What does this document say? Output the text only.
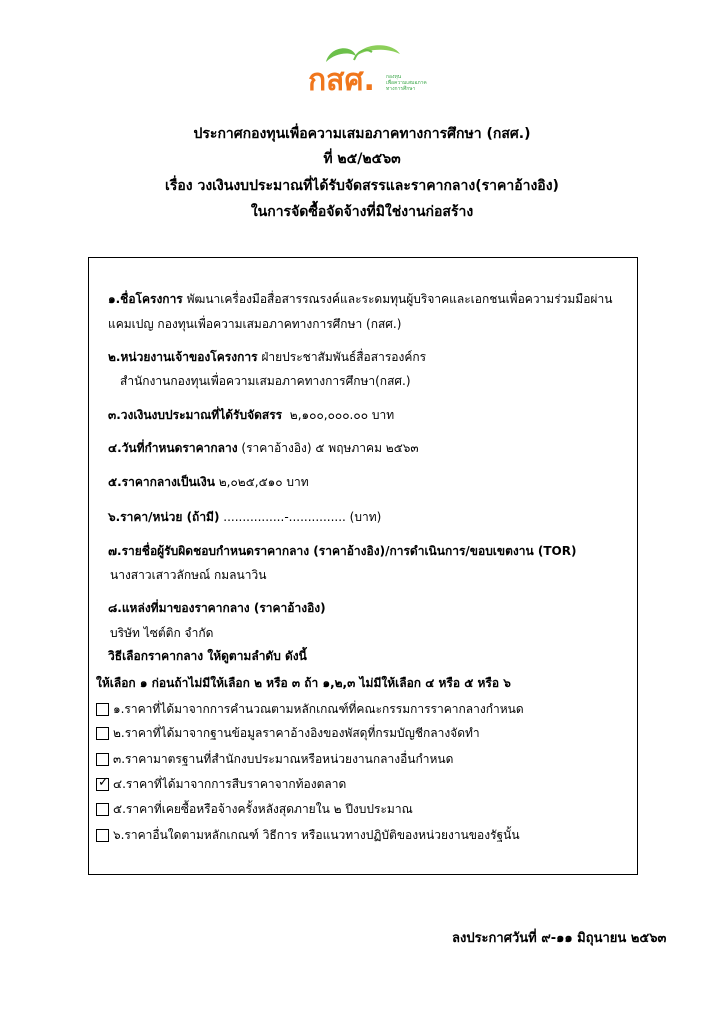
กสศ. กองทุน
เพื่อความเสมอภาค
ทางการศึกษา
ประกาศกองทุนเพื่อความเสมอภาคทางการศึกษา (กสศ.)
ที่ ๒๕/๒๕๖๓
เรื่อง วงเงินงบประมาณที่ได้รับจัดสรรและราคากลาง(ราคาอ้างอิง)
ในการจัดซื้อจัดจ้างที่มิใช่งานก่อสร้าง
๑.ชื่อโครงการ พัฒนาเครื่องมือสื่อสารรณรงค์และระดมทุนผู้บริจาคและเอกชนเพื่อความร่วมมือผ่าน
แคมเปญ กองทุนเพื่อความเสมอภาคทางการศึกษา (กสศ.)
๒.หน่วยงานเจ้าของโครงการ ฝ่ายประชาสัมพันธ์สื่อสารองค์กร
สำนักงานกองทุนเพื่อความเสมอภาคทางการศึกษา(กสศ.)
๓.วงเงินงบประมาณที่ได้รับจัดสรร ๒,๑๐๐,๐๐๐.๐๐ บาท
๔.วันที่กำหนดราคากลาง (ราคาอ้างอิง) ๕ พฤษภาคม ๒๕๖๓
๕.ราคากลางเป็นเงิน ๒,๐๒๕,๕๑๐ บาท
๖.ราคา/หน่วย (ถ้ามี) ................-............... (บาท)
๗.รายชื่อผู้รับผิดชอบกำหนดราคากลาง (ราคาอ้างอิง)/การดำเนินการ/ขอบเขตงาน (TOR)
นางสาวเสาวลักษณ์ กมลนาวิน
๘.แหล่งที่มาของราคากลาง (ราคาอ้างอิง)
บริษัท ไซต์ติก จำกัด
วิธีเลือกราคากลาง ให้ดูตามลำดับ ดังนี้
ให้เลือก ๑ ก่อนถ้าไม่มีให้เลือก ๒ หรือ ๓ ถ้า ๑,๒,๓ ไม่มีให้เลือก ๔ หรือ ๕ หรือ ๖
๑.ราคาที่ได้มาจากการคำนวณตามหลักเกณฑ์ที่คณะกรรมการราคากลางกำหนด
๒.ราคาที่ได้มาจากฐานข้อมูลราคาอ้างอิงของพัสดุที่กรมบัญชีกลางจัดทำ
๓.ราคามาตรฐานที่สำนักงบประมาณหรือหน่วยงานกลางอื่นกำหนด
✓ ๔.ราคาที่ได้มาจากการสืบราคาจากท้องตลาด
๕.ราคาที่เคยซื้อหรือจ้างครั้งหลังสุดภายใน ๒ ปีงบประมาณ
๖.ราคาอื่นใดตามหลักเกณฑ์ วิธีการ หรือแนวทางปฏิบัติของหน่วยงานของรัฐนั้น
ลงประกาศวันที่ ๙-๑๑ มิถุนายน ๒๕๖๓
